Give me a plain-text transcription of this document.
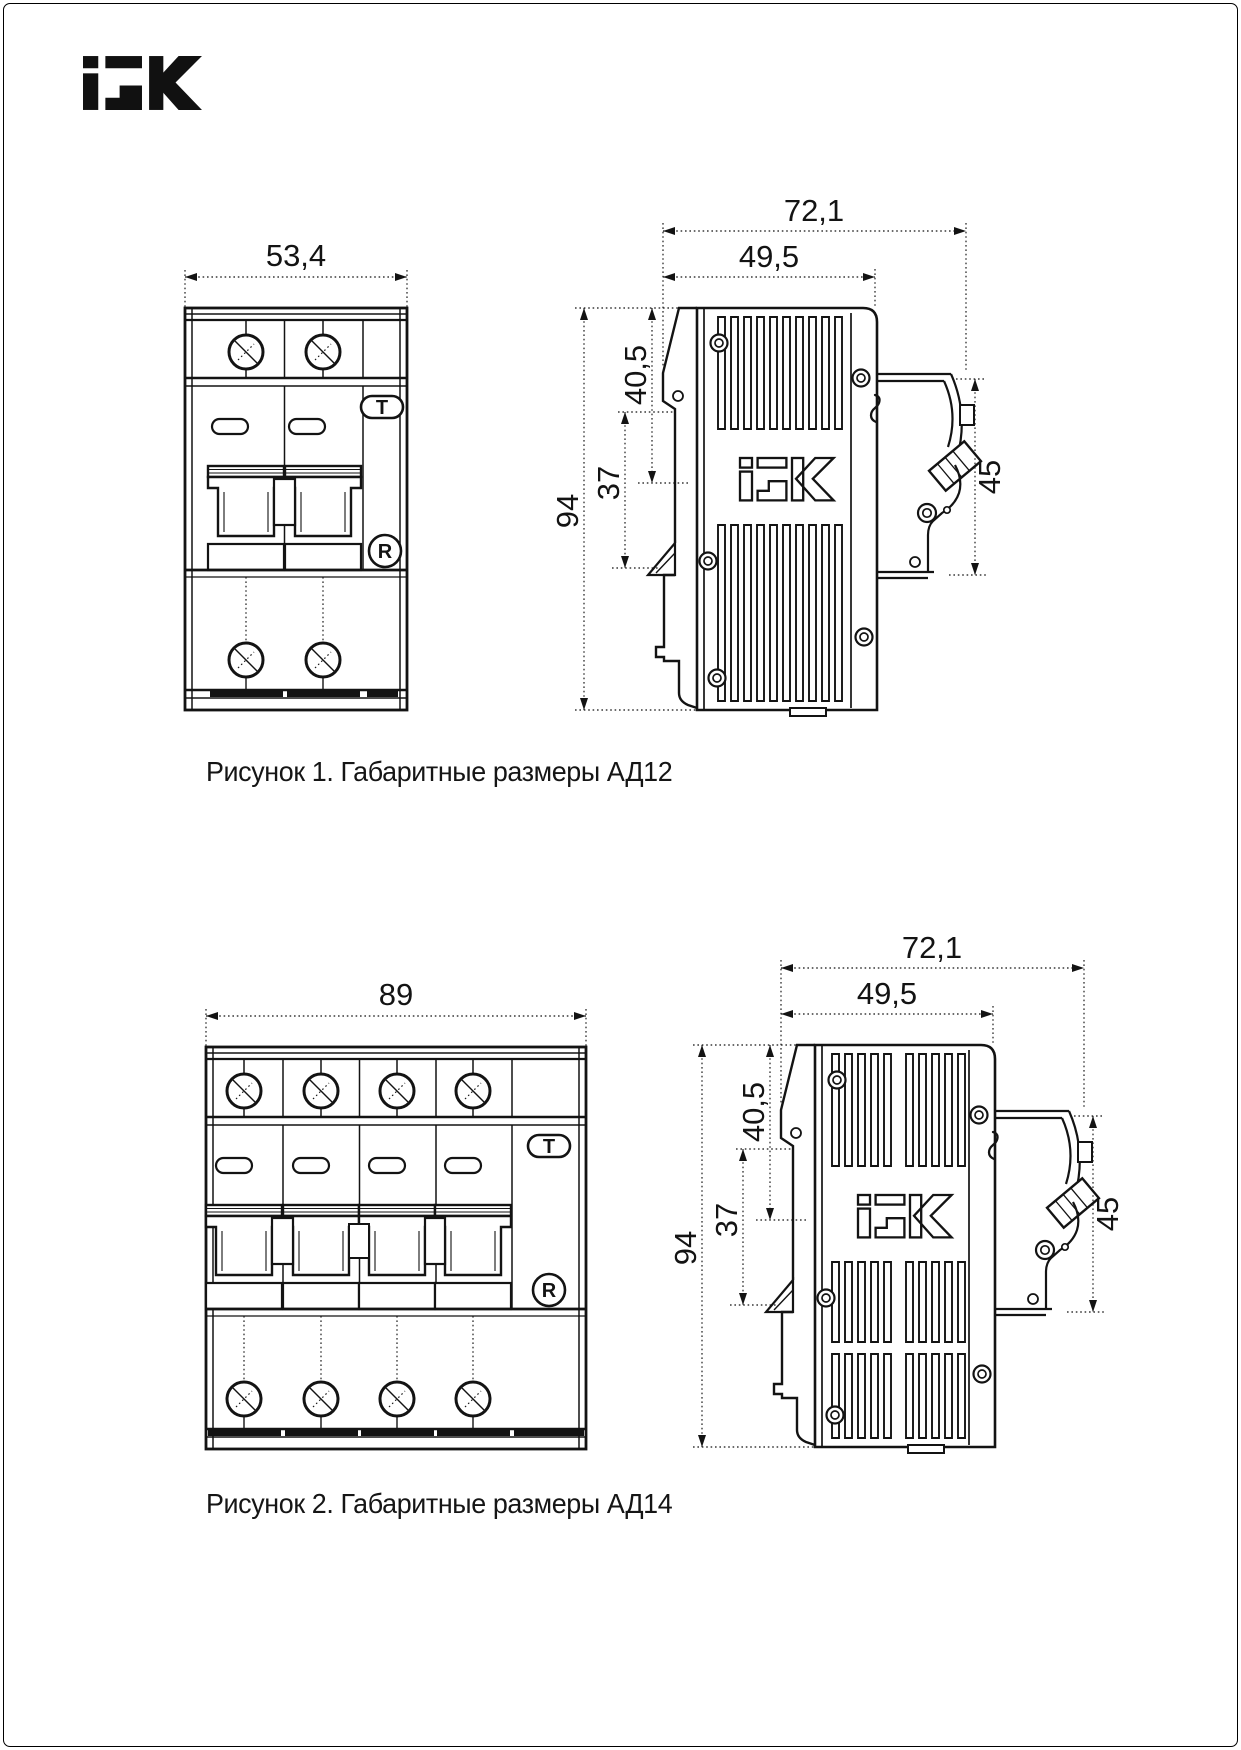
53,4
T
R
72,1
49,5
94
40,5
37	45
Рисунок 1. Габаритные размеры АД12
89
T
R
72,1
49,5
94
40,5
37	45
Рисунок 2. Габаритные размеры АД14
